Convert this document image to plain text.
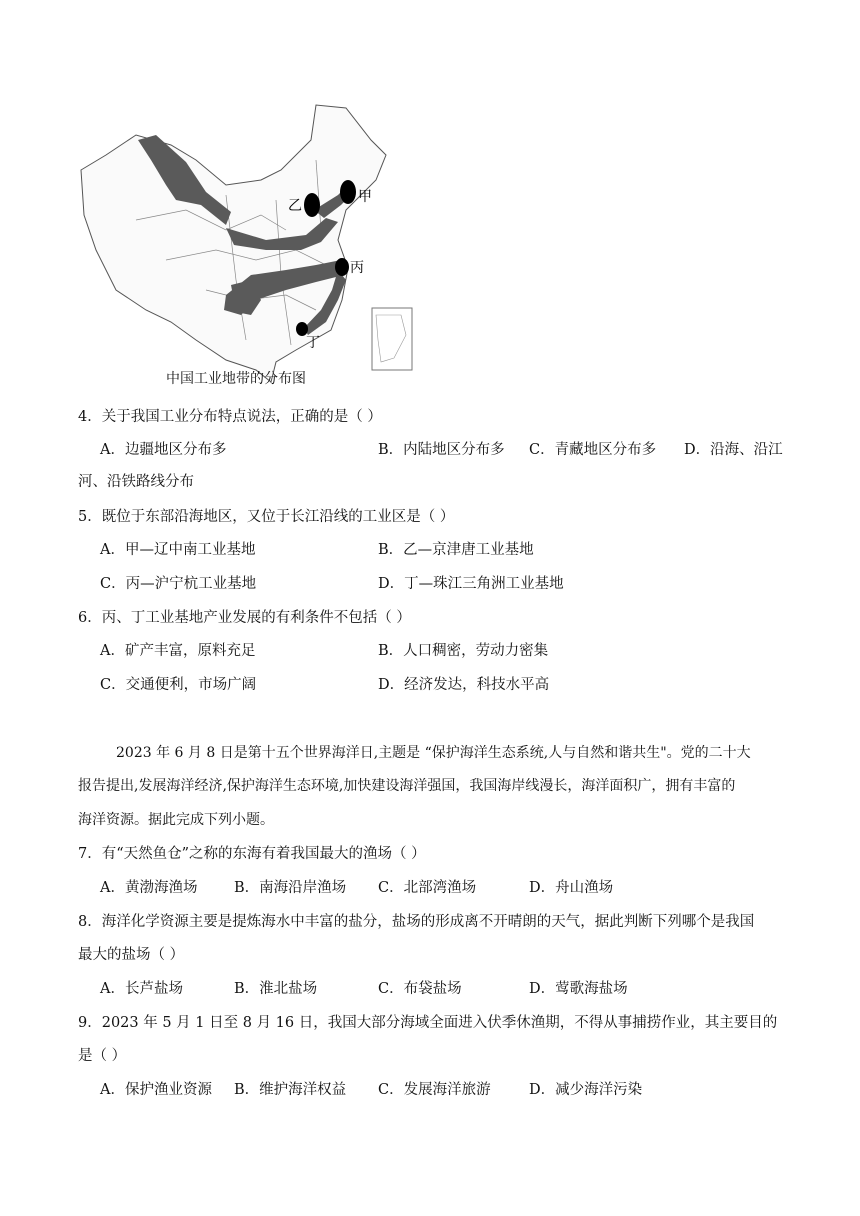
甲
乙
丙
丁
中国工业地带的分布图
4．关于我国工业分布特点说法，正确的是（ ）
A．边疆地区分布多	B．内陆地区分布多 C．青藏地区分布多 D．沿海、沿江
河、沿铁路线分布
5．既位于东部沿海地区，又位于长江沿线的工业区是（ ）
A．甲—辽中南工业基地	B．乙—京津唐工业基地
C．丙—沪宁杭工业基地	D．丁—珠江三角洲工业基地
6．丙、丁工业基地产业发展的有利条件不包括（ ）
A．矿产丰富，原料充足	B．人口稠密，劳动力密集
C．交通便利，市场广阔	D．经济发达，科技水平高
2023 年 6 月 8 日是第十五个世界海洋日,主题是 “保护海洋生态系统,人与自然和谐共生"。党的二十大
报告提出,发展海洋经济,保护海洋生态环境,加快建设海洋强国，我国海岸线漫长，海洋面积广，拥有丰富的
海洋资源。据此完成下列小题。
7．有“天然鱼仓”之称的东海有着我国最大的渔场（ ）
A．黄渤海渔场	B．南海沿岸渔场 C．北部湾渔场	D．舟山渔场
8．海洋化学资源主要是提炼海水中丰富的盐分，盐场的形成离不开晴朗的天气，据此判断下列哪个是我国
最大的盐场（ ）
A．长芦盐场	B．淮北盐场	C．布袋盐场	D．莺歌海盐场
9．2023 年 5 月 1 日至 8 月 16 日，我国大部分海域全面进入伏季休渔期，不得从事捕捞作业，其主要目的
是（ ）
A．保护渔业资源 B．维护海洋权益 C．发展海洋旅游	D．减少海洋污染
